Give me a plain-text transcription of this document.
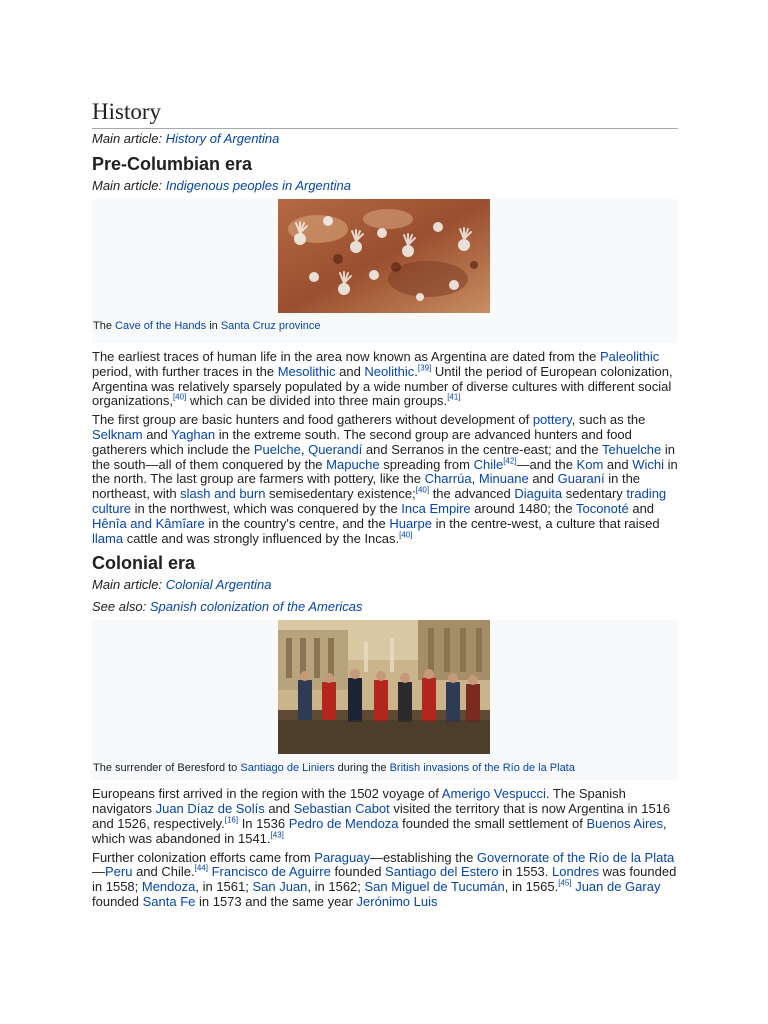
History
Main article: History of Argentina
Pre-Columbian era
Main article: Indigenous peoples in Argentina
The Cave of the Hands in Santa Cruz province

The earliest traces of human life in the area now known as Argentina are dated from the Paleolithic period, with further traces in the Mesolithic and Neolithic.[39] Until the period of European colonization, Argentina was relatively sparsely populated by a wide number of diverse cultures with different social organizations,[40] which can be divided into three main groups.[41]

The first group are basic hunters and food gatherers without development of pottery, such as the Selknam and Yaghan in the extreme south. The second group are advanced hunters and food gatherers which include the Puelche, Querandí and Serranos in the centre-east; and the Tehuelche in the south—all of them conquered by the Mapuche spreading from Chile[42]—and the Kom and Wichi in the north. The last group are farmers with pottery, like the Charrúa, Minuane and Guaraní in the northeast, with slash and burn semisedentary existence;[40] the advanced Diaguita sedentary trading culture in the northwest, which was conquered by the Inca Empire around 1480; the Toconoté and Hênîa and Kâmîare in the country's centre, and the Huarpe in the centre-west, a culture that raised llama cattle and was strongly influenced by the Incas.[40]

Colonial era
Main article: Colonial Argentina
See also: Spanish colonization of the Americas
The surrender of Beresford to Santiago de Liniers during the British invasions of the Río de la Plata

Europeans first arrived in the region with the 1502 voyage of Amerigo Vespucci. The Spanish navigators Juan Díaz de Solís and Sebastian Cabot visited the territory that is now Argentina in 1516 and 1526, respectively.[16] In 1536 Pedro de Mendoza founded the small settlement of Buenos Aires, which was abandoned in 1541.[43]

Further colonization efforts came from Paraguay—establishing the Governorate of the Río de la Plata—Peru and Chile.[44] Francisco de Aguirre founded Santiago del Estero in 1553. Londres was founded in 1558; Mendoza, in 1561; San Juan, in 1562; San Miguel de Tucumán, in 1565.[45] Juan de Garay founded Santa Fe in 1573 and the same year Jerónimo Luis
